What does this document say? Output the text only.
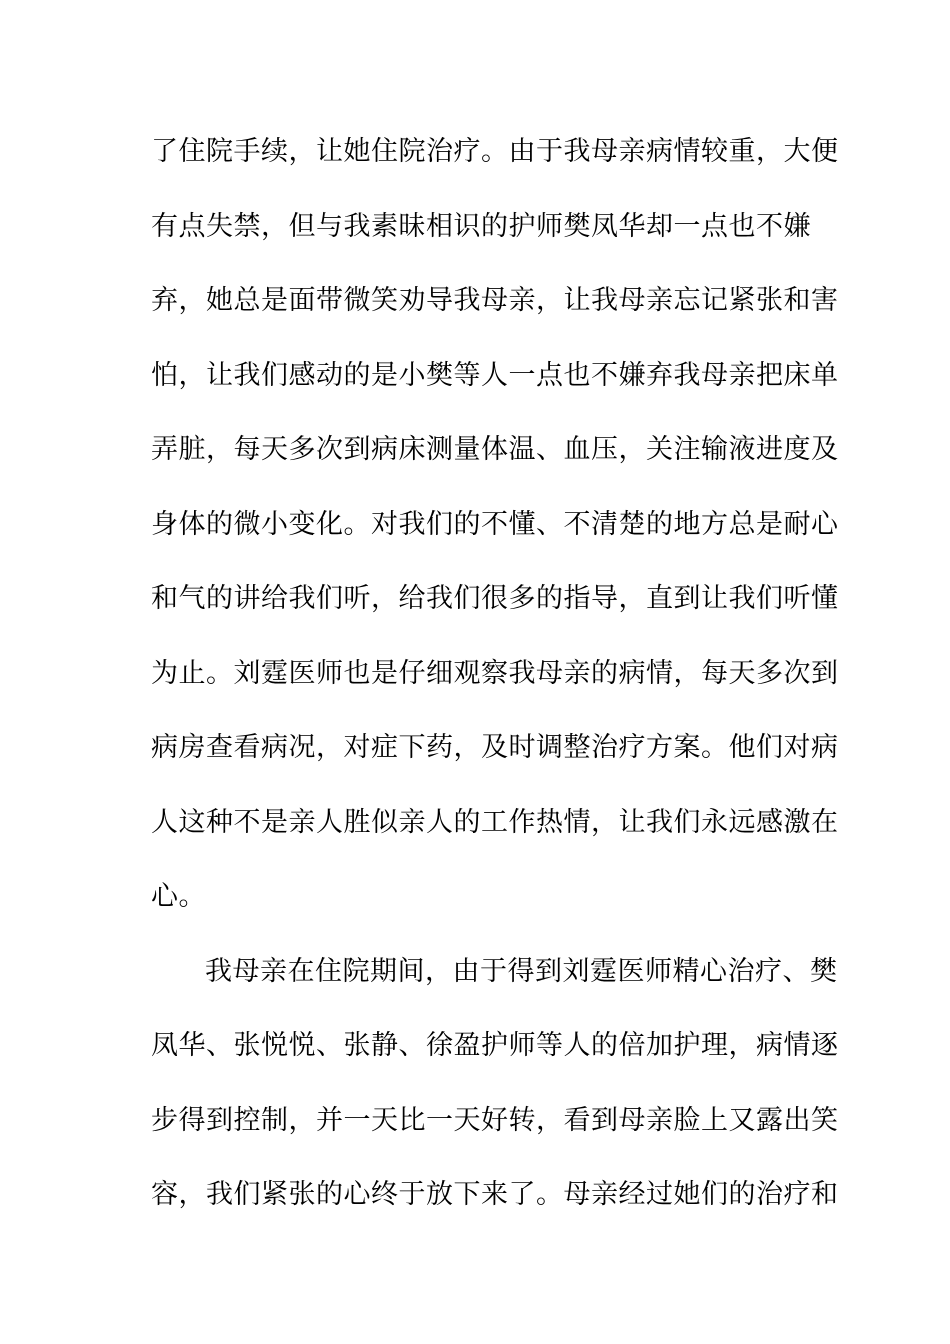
了住院手续，让她住院治疗。由于我母亲病情较重，大便
有点失禁，但与我素昧相识的护师樊凤华却一点也不嫌
弃，她总是面带微笑劝导我母亲，让我母亲忘记紧张和害
怕，让我们感动的是小樊等人一点也不嫌弃我母亲把床单
弄脏，每天多次到病床测量体温、血压，关注输液进度及
身体的微小变化。对我们的不懂、不清楚的地方总是耐心
和气的讲给我们听，给我们很多的指导，直到让我们听懂
为止。刘霆医师也是仔细观察我母亲的病情，每天多次到
病房查看病况，对症下药，及时调整治疗方案。他们对病
人这种不是亲人胜似亲人的工作热情，让我们永远感激在
心。
我母亲在住院期间，由于得到刘霆医师精心治疗、樊
凤华、张悦悦、张静、徐盈护师等人的倍加护理，病情逐
步得到控制，并一天比一天好转，看到母亲脸上又露出笑
容，我们紧张的心终于放下来了。母亲经过她们的治疗和
